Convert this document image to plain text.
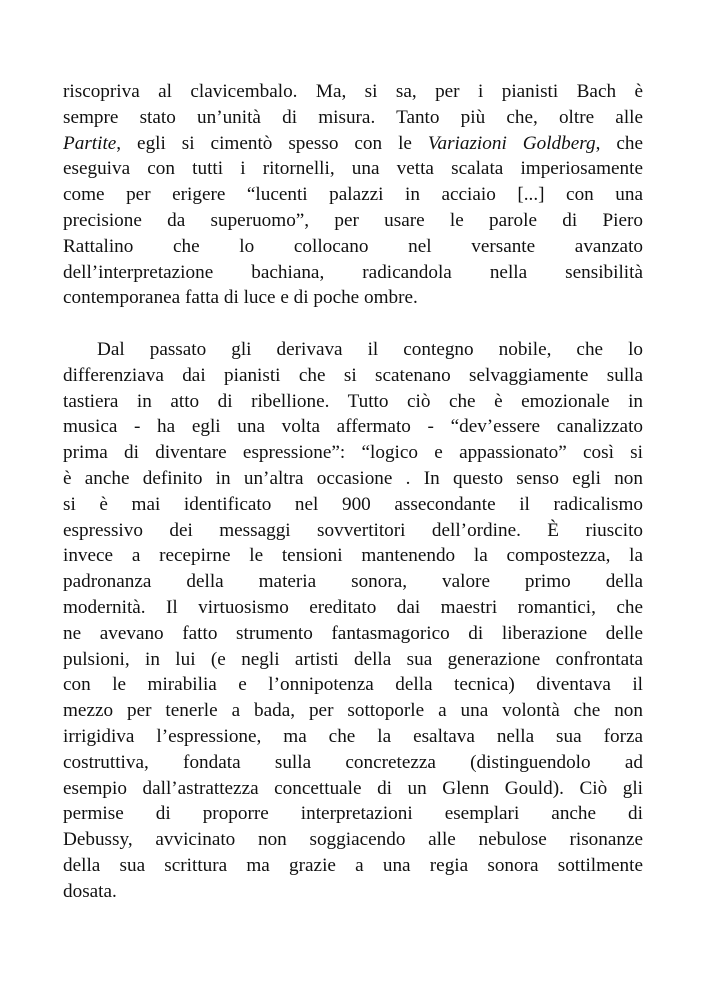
riscopriva al clavicembalo. Ma, si sa, per i pianisti Bach è
sempre stato un’unità di misura. Tanto più che, oltre alle
Partite, egli si cimentò spesso con le Variazioni Goldberg, che
eseguiva con tutti i ritornelli, una vetta scalata imperiosamente
come per erigere “lucenti palazzi in acciaio [...] con una
precisione da superuomo”, per usare le parole di Piero
Rattalino che lo collocano nel versante avanzato
dell’interpretazione bachiana, radicandola nella sensibilità
contemporanea fatta di luce e di poche ombre.
Dal passato gli derivava il contegno nobile, che lo
differenziava dai pianisti che si scatenano selvaggiamente sulla
tastiera in atto di ribellione. Tutto ciò che è emozionale in
musica - ha egli una volta affermato - “dev’essere canalizzato
prima di diventare espressione”: “logico e appassionato” così si
è anche definito in un’altra occasione . In questo senso egli non
si è mai identificato nel 900 assecondante il radicalismo
espressivo dei messaggi sovvertitori dell’ordine. È riuscito
invece a recepirne le tensioni mantenendo la compostezza, la
padronanza della materia sonora, valore primo della
modernità. Il virtuosismo ereditato dai maestri romantici, che
ne avevano fatto strumento fantasmagorico di liberazione delle
pulsioni, in lui (e negli artisti della sua generazione confrontata
con le mirabilia e l’onnipotenza della tecnica) diventava il
mezzo per tenerle a bada, per sottoporle a una volontà che non
irrigidiva l’espressione, ma che la esaltava nella sua forza
costruttiva, fondata sulla concretezza (distinguendolo ad
esempio dall’astrattezza concettuale di un Glenn Gould). Ciò gli
permise di proporre interpretazioni esemplari anche di
Debussy, avvicinato non soggiacendo alle nebulose risonanze
della sua scrittura ma grazie a una regia sonora sottilmente
dosata.
